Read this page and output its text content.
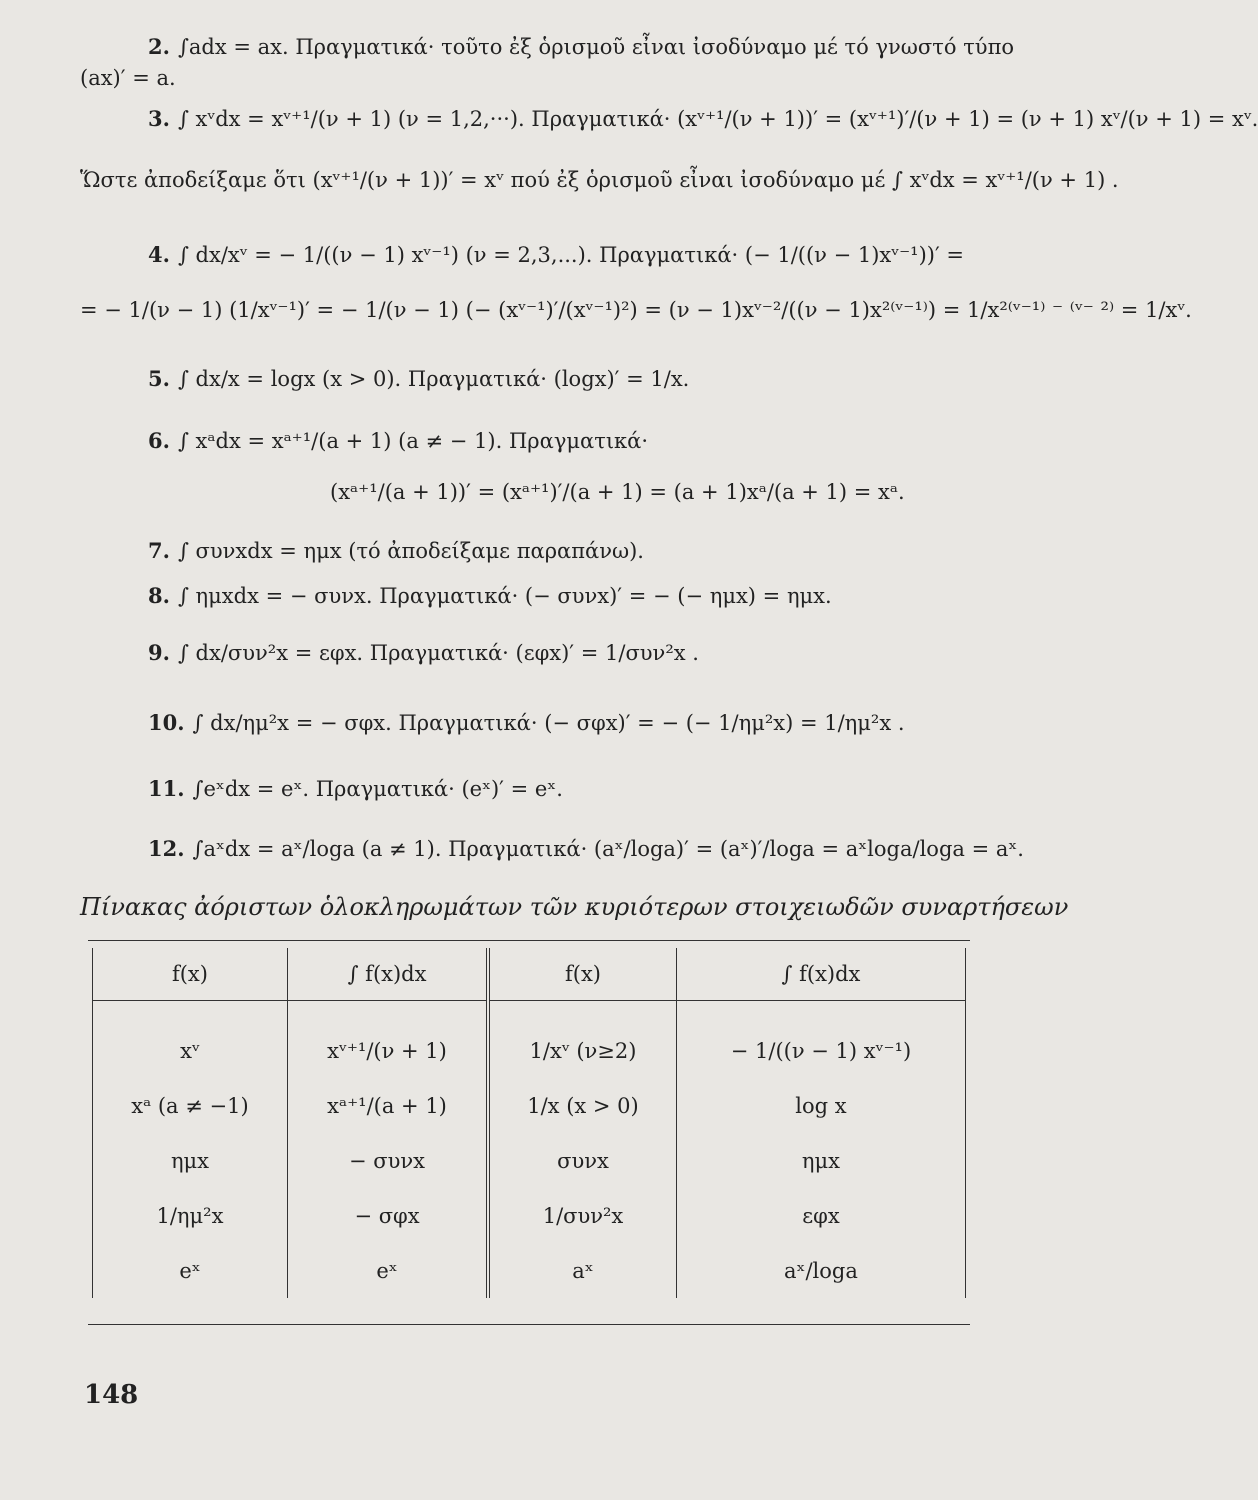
2. ∫adx = ax. Πραγματικά· τοῦτο ἐξ ὁρισμοῦ εἶναι ἰσοδύναμο μέ τό γνωστό τύπο
(ax)′ = a.
3. ∫ xᵛdx = xᵛ⁺¹/(ν + 1) (ν = 1,2,···). Πραγματικά· (xᵛ⁺¹/(ν + 1))′ = (xᵛ⁺¹)′/(ν + 1) = (ν + 1) xᵛ/(ν + 1) = xᵛ.
Ὥστε ἀποδείξαμε ὅτι (xᵛ⁺¹/(ν + 1))′ = xᵛ πού ἐξ ὁρισμοῦ εἶναι ἰσοδύναμο μέ ∫ xᵛdx = xᵛ⁺¹/(ν + 1) .
4. ∫ dx/xᵛ = − 1/((ν − 1) xᵛ⁻¹) (ν = 2,3,...). Πραγματικά· (− 1/((ν − 1)xᵛ⁻¹))′ =
= − 1/(ν − 1) (1/xᵛ⁻¹)′ = − 1/(ν − 1) (− (xᵛ⁻¹)′/(xᵛ⁻¹)²) = (ν − 1)xᵛ⁻²/((ν − 1)x²⁽ᵛ⁻¹⁾) = 1/x²⁽ᵛ⁻¹⁾ ⁻ ⁽ᵛ⁻ ²⁾ = 1/xᵛ.
5. ∫ dx/x = logx (x > 0). Πραγματικά· (logx)′ = 1/x.
6. ∫ xᵃdx = xᵃ⁺¹/(a + 1) (a ≠ − 1). Πραγματικά·
(xᵃ⁺¹/(a + 1))′ = (xᵃ⁺¹)′/(a + 1) = (a + 1)xᵃ/(a + 1) = xᵃ.
7. ∫ συνxdx = ημx (τό ἀποδείξαμε παραπάνω).
8. ∫ ημxdx = − συνx. Πραγματικά· (− συνx)′ = − (− ημx) = ημx.
9. ∫ dx/συν²x = εφx. Πραγματικά· (εφx)′ = 1/συν²x .
10. ∫ dx/ημ²x = − σφx. Πραγματικά· (− σφx)′ = − (− 1/ημ²x) = 1/ημ²x .
11. ∫eˣdx = eˣ. Πραγματικά· (eˣ)′ = eˣ.
12. ∫aˣdx = aˣ/loga (a ≠ 1). Πραγματικά· (aˣ/loga)′ = (aˣ)′/loga = aˣloga/loga = aˣ.
Πίνακας ἀόριστων ὁλοκληρωμάτων τῶν κυριότερων στοιχειωδῶν συναρτήσεων
f(x)	∫ f(x)dx	f(x)	∫ f(x)dx
xᵛ	xᵛ⁺¹/(ν + 1)	1/xᵛ (ν≥2)	− 1/((ν − 1) xᵛ⁻¹)
xᵃ (a ≠ −1)	xᵃ⁺¹/(a + 1)	1/x (x > 0)	log x
ημx	− συνx	συνx	ημx
1/ημ²x	− σφx	1/συν²x	εφx
eˣ	eˣ	aˣ	aˣ/loga
148
